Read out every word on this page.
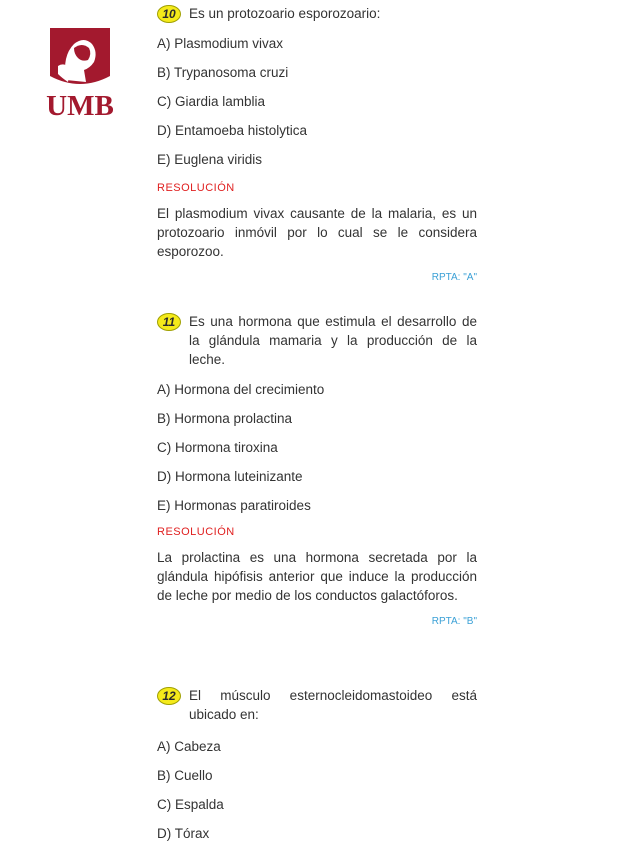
UMB
10 Es un protozoario esporozoario:
A) Plasmodium vivax
B) Trypanosoma cruzi
C) Giardia lamblia
D) Entamoeba histolytica
E) Euglena viridis
RESOLUCIÓN
El plasmodium vivax causante de la malaria, es un protozoario inmóvil por lo cual se le considera esporozoo.
RPTA: "A"
11	Es una hormona que estimula el desarrollo de la glándula mamaria y la producción de la leche.
A) Hormona del crecimiento
B) Hormona prolactina
C) Hormona tiroxina
D) Hormona luteinizante
E) Hormonas paratiroides
RESOLUCIÓN
La prolactina es una hormona secretada por la glándula hipófisis anterior que induce la producción de leche por medio de los conductos galactóforos.
RPTA: "B"
12 El músculo esternocleidomastoideo está ubicado en:
A) Cabeza
B) Cuello
C) Espalda
D) Tórax
